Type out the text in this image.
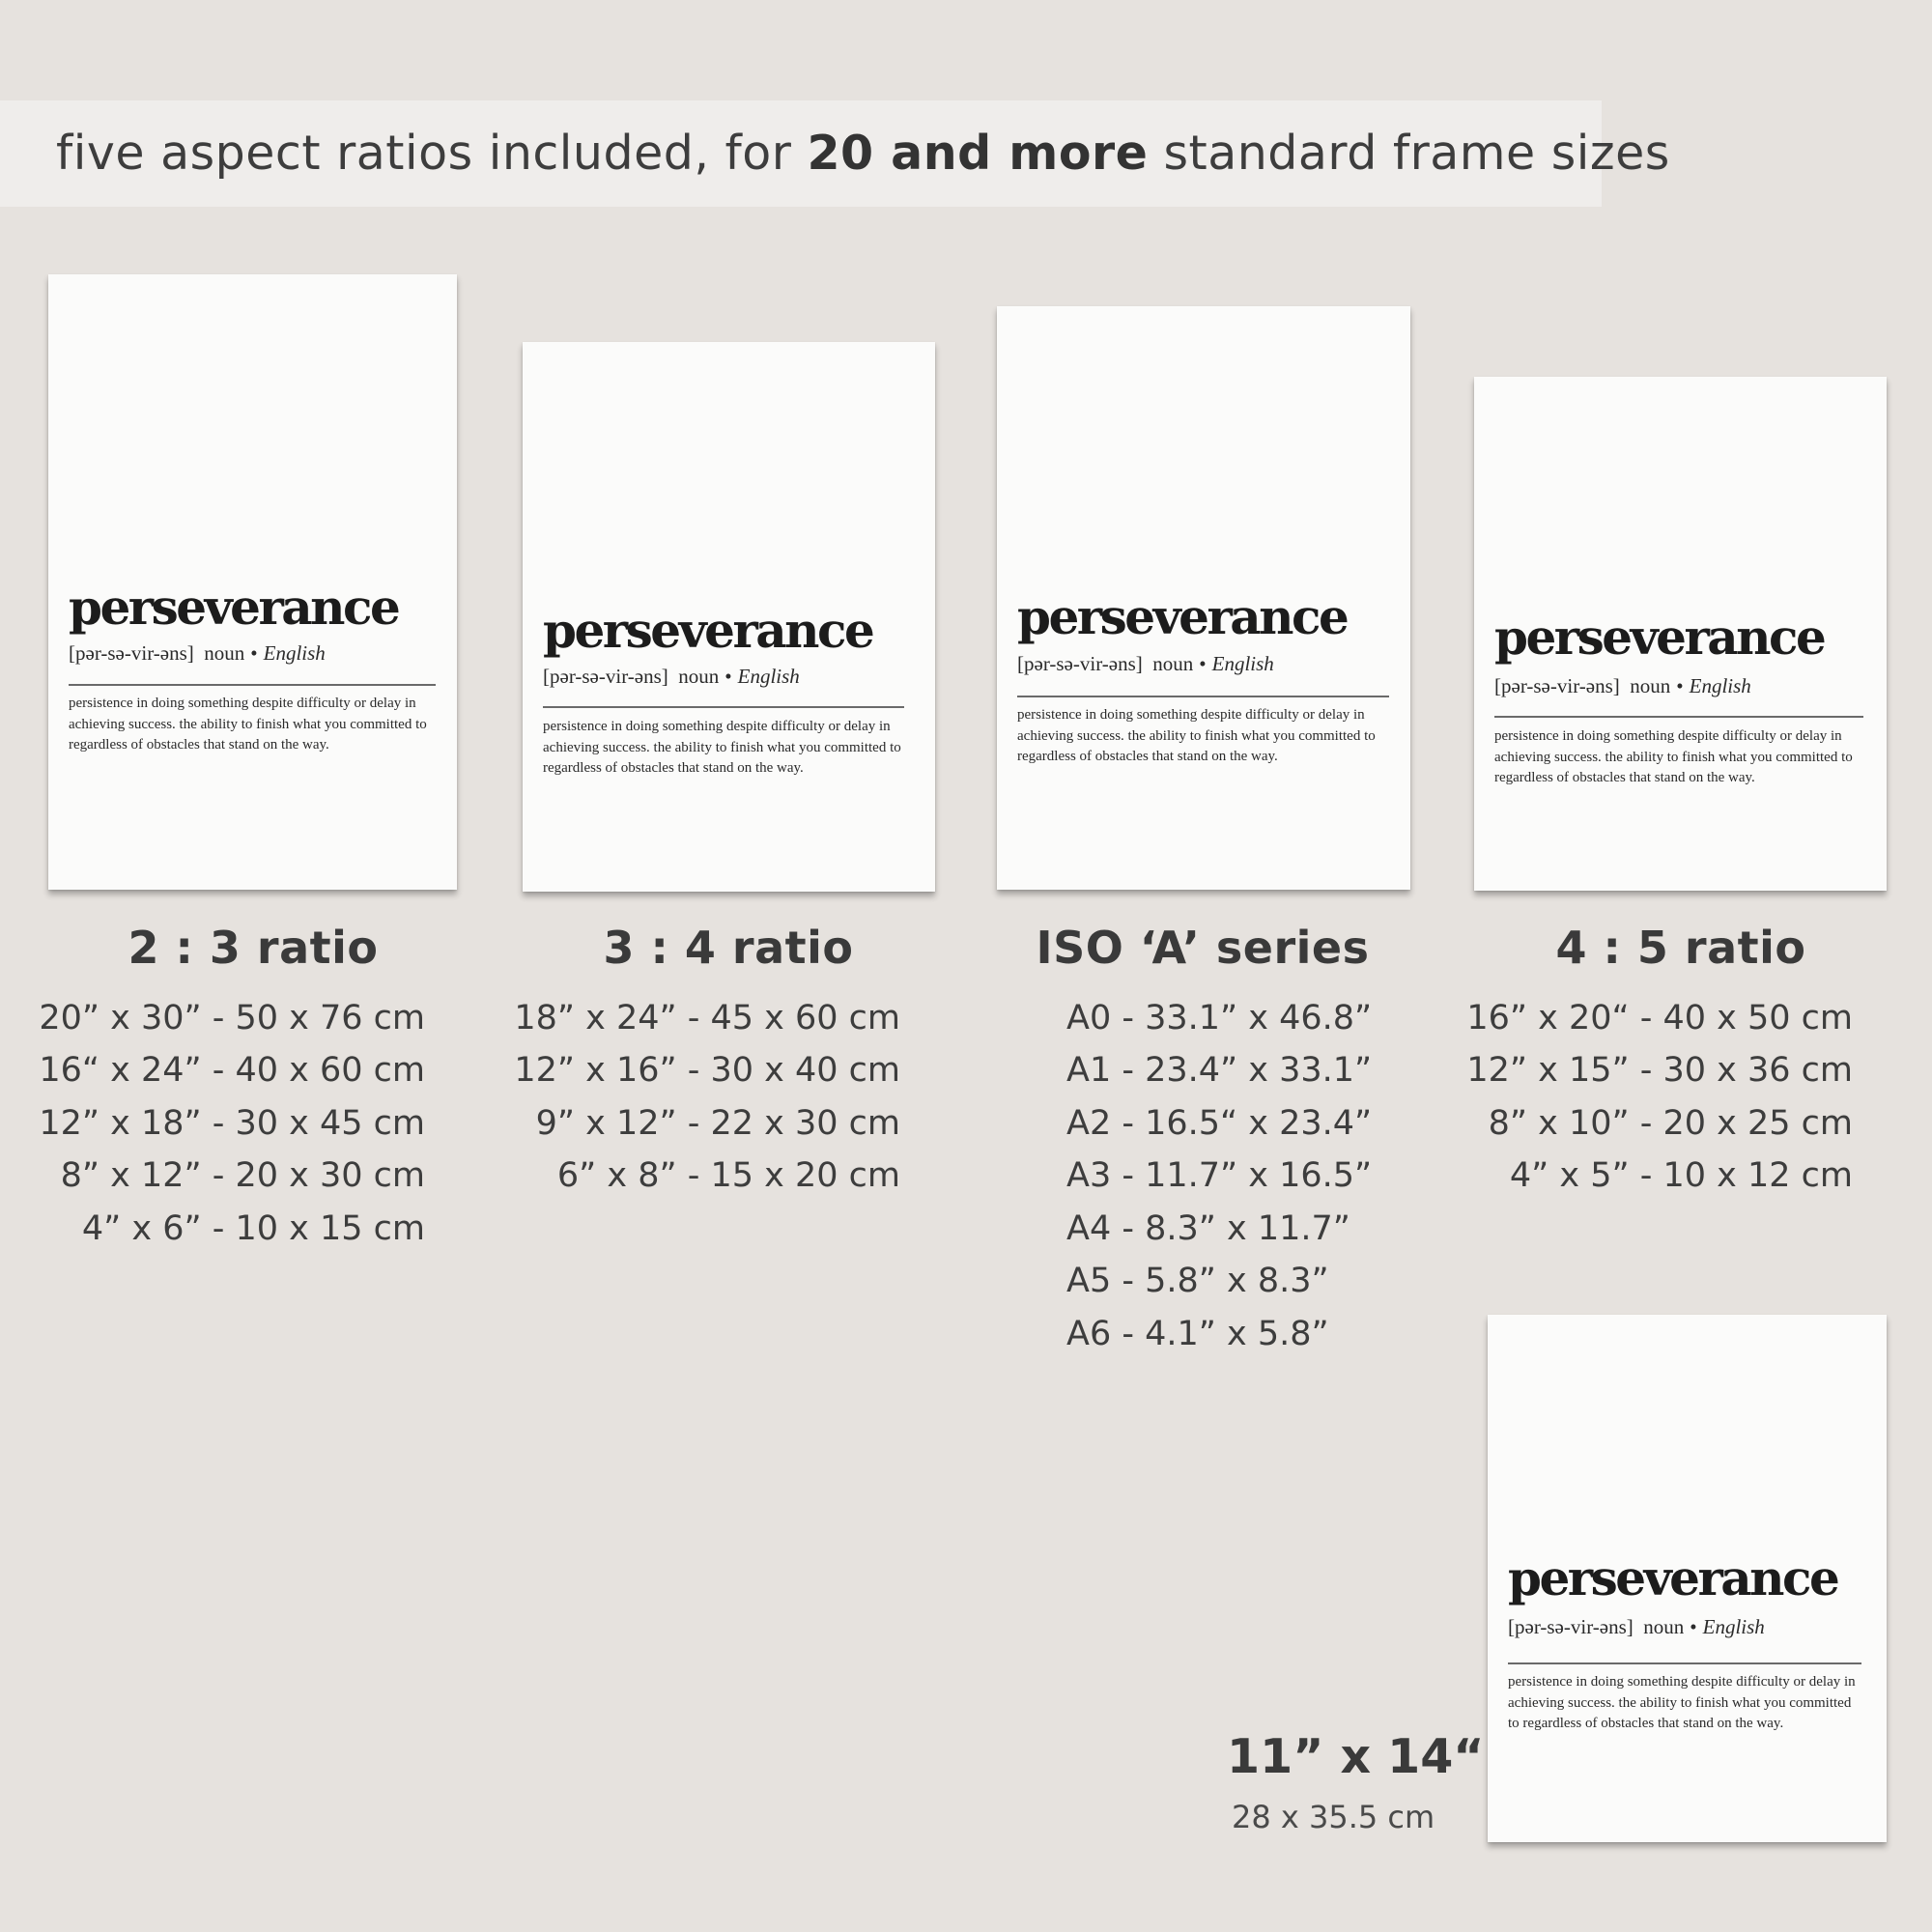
five aspect ratios included, for 20 and more standard frame sizes
perseverance
[pər-sə-vir-əns] noun • English
persistence in doing something despite difficulty or delay in achieving success. the ability to finish what you committed to regardless of obstacles that stand on the way.
perseverance
[pər-sə-vir-əns] noun • English
persistence in doing something despite difficulty or delay in achieving success. the ability to finish what you committed to regardless of obstacles that stand on the way.
perseverance
[pər-sə-vir-əns] noun • English
persistence in doing something despite difficulty or delay in achieving success. the ability to finish what you committed to regardless of obstacles that stand on the way.
perseverance
[pər-sə-vir-əns] noun • English
persistence in doing something despite difficulty or delay in achieving success. the ability to finish what you committed to regardless of obstacles that stand on the way.
perseverance
[pər-sə-vir-əns] noun • English
persistence in doing something despite difficulty or delay in achieving success. the ability to finish what you committed to regardless of obstacles that stand on the way.
2 : 3 ratio
20” x 30” - 50 x 76 cm
16“ x 24” - 40 x 60 cm
12” x 18” - 30 x 45 cm
8” x 12” - 20 x 30 cm
4” x 6” - 10 x 15 cm
3 : 4 ratio
18” x 24” - 45 x 60 cm
12” x 16” - 30 x 40 cm
9” x 12” - 22 x 30 cm
6” x 8” - 15 x 20 cm
ISO ‘A’ series
A0 - 33.1” x 46.8”
A1 - 23.4” x 33.1”
A2 - 16.5“ x 23.4”
A3 - 11.7” x 16.5”
A4 - 8.3” x 11.7”
A5 - 5.8” x 8.3”
A6 - 4.1” x 5.8”
4 : 5 ratio
16” x 20“ - 40 x 50 cm
12” x 15” - 30 x 36 cm
8” x 10” - 20 x 25 cm
4” x 5” - 10 x 12 cm
11” x 14“
28 x 35.5 cm
